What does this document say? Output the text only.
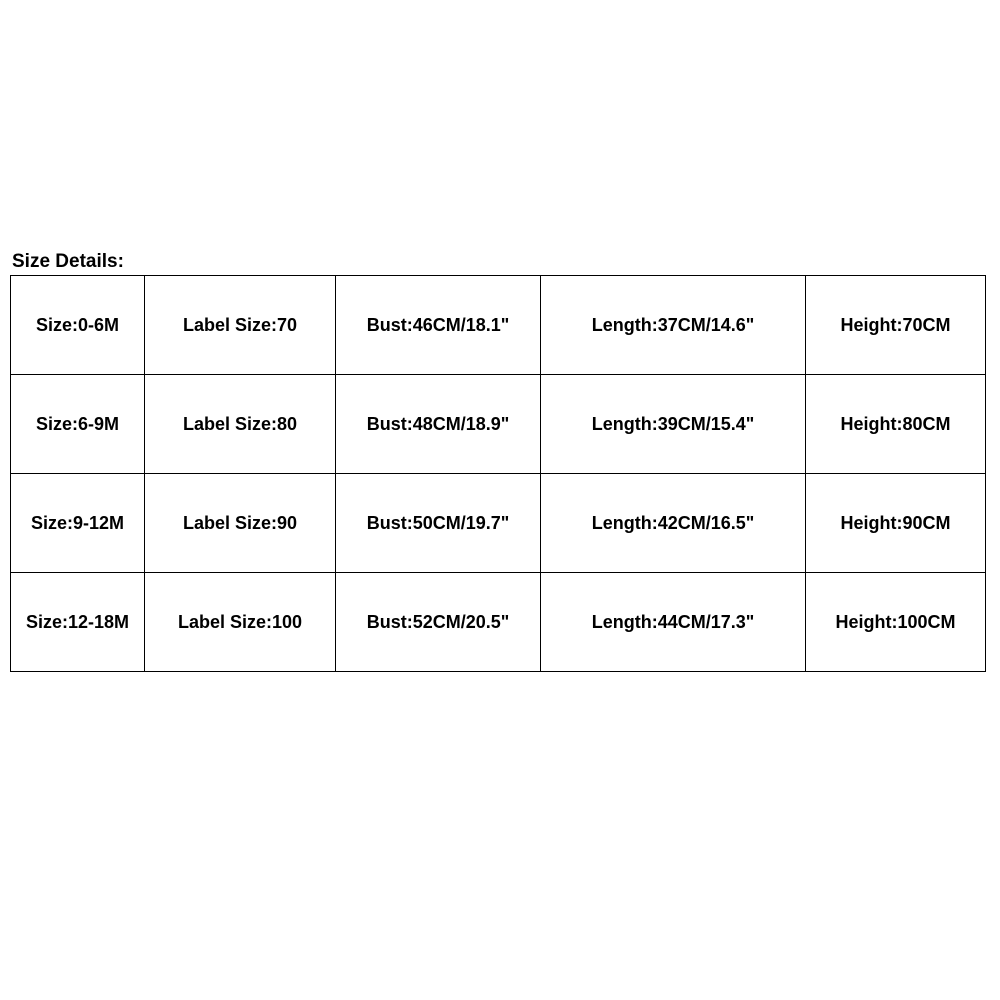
Size Details:
Size:0-6M	Label Size:70	Bust:46CM/18.1"	Length:37CM/14.6"	Height:70CM
Size:6-9M	Label Size:80	Bust:48CM/18.9"	Length:39CM/15.4"	Height:80CM
Size:9-12M	Label Size:90	Bust:50CM/19.7"	Length:42CM/16.5"	Height:90CM
Size:12-18M	Label Size:100	Bust:52CM/20.5"	Length:44CM/17.3"	Height:100CM
